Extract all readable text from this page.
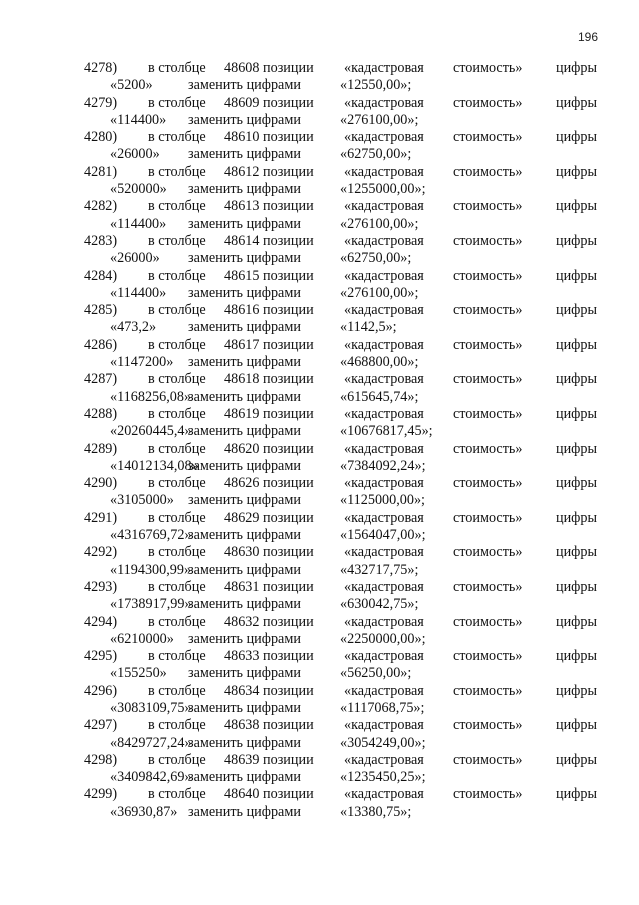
196
4278) в столбце 48608 позиции «кадастровая стоимость» цифры
«5200» заменить цифрами	«12550,00»;
4279) в столбце 48609 позиции «кадастровая стоимость» цифры
«114400» заменить цифрами	«276100,00»;
4280) в столбце 48610 позиции «кадастровая стоимость» цифры
«26000» заменить цифрами	«62750,00»;
4281) в столбце 48612 позиции «кадастровая стоимость» цифры
«520000» заменить цифрами	«1255000,00»;
4282) в столбце 48613 позиции «кадастровая стоимость» цифры
«114400» заменить цифрами	«276100,00»;
4283) в столбце 48614 позиции «кадастровая стоимость» цифры
«26000» заменить цифрами	«62750,00»;
4284) в столбце 48615 позиции «кадастровая стоимость» цифры
«114400» заменить цифрами	«276100,00»;
4285) в столбце 48616 позиции «кадастровая стоимость» цифры
«473,2» заменить цифрами	«1142,5»;
4286) в столбце 48617 позиции «кадастровая стоимость» цифры
«1147200» заменить цифрами	«468800,00»;
4287) в столбце 48618 позиции «кадастровая стоимость» цифры
«1168256,08»
заменить цифрами	«615645,74»;
4288) в столбце 48619 позиции «кадастровая стоимость» цифры
«20260445,4»
заменить цифрами	«10676817,45»;
4289) в столбце 48620 позиции «кадастровая стоимость» цифры
«14012134,08»
заменить цифрами	«7384092,24»;
4290) в столбце 48626 позиции «кадастровая стоимость» цифры
«3105000» заменить цифрами	«1125000,00»;
4291) в столбце 48629 позиции «кадастровая стоимость» цифры
«4316769,72»
заменить цифрами	«1564047,00»;
4292) в столбце 48630 позиции «кадастровая стоимость» цифры
«1194300,99»
заменить цифрами	«432717,75»;
4293) в столбце 48631 позиции «кадастровая стоимость» цифры
«1738917,99»
заменить цифрами	«630042,75»;
4294) в столбце 48632 позиции «кадастровая стоимость» цифры
«6210000» заменить цифрами	«2250000,00»;
4295) в столбце 48633 позиции «кадастровая стоимость» цифры
«155250» заменить цифрами	«56250,00»;
4296) в столбце 48634 позиции «кадастровая стоимость» цифры
«3083109,75»
заменить цифрами	«1117068,75»;
4297) в столбце 48638 позиции «кадастровая стоимость» цифры
«8429727,24»
заменить цифрами	«3054249,00»;
4298) в столбце 48639 позиции «кадастровая стоимость» цифры
«3409842,69»
заменить цифрами	«1235450,25»;
4299) в столбце 48640 позиции «кадастровая стоимость» цифры
«36930,87» заменить цифрами	«13380,75»;
